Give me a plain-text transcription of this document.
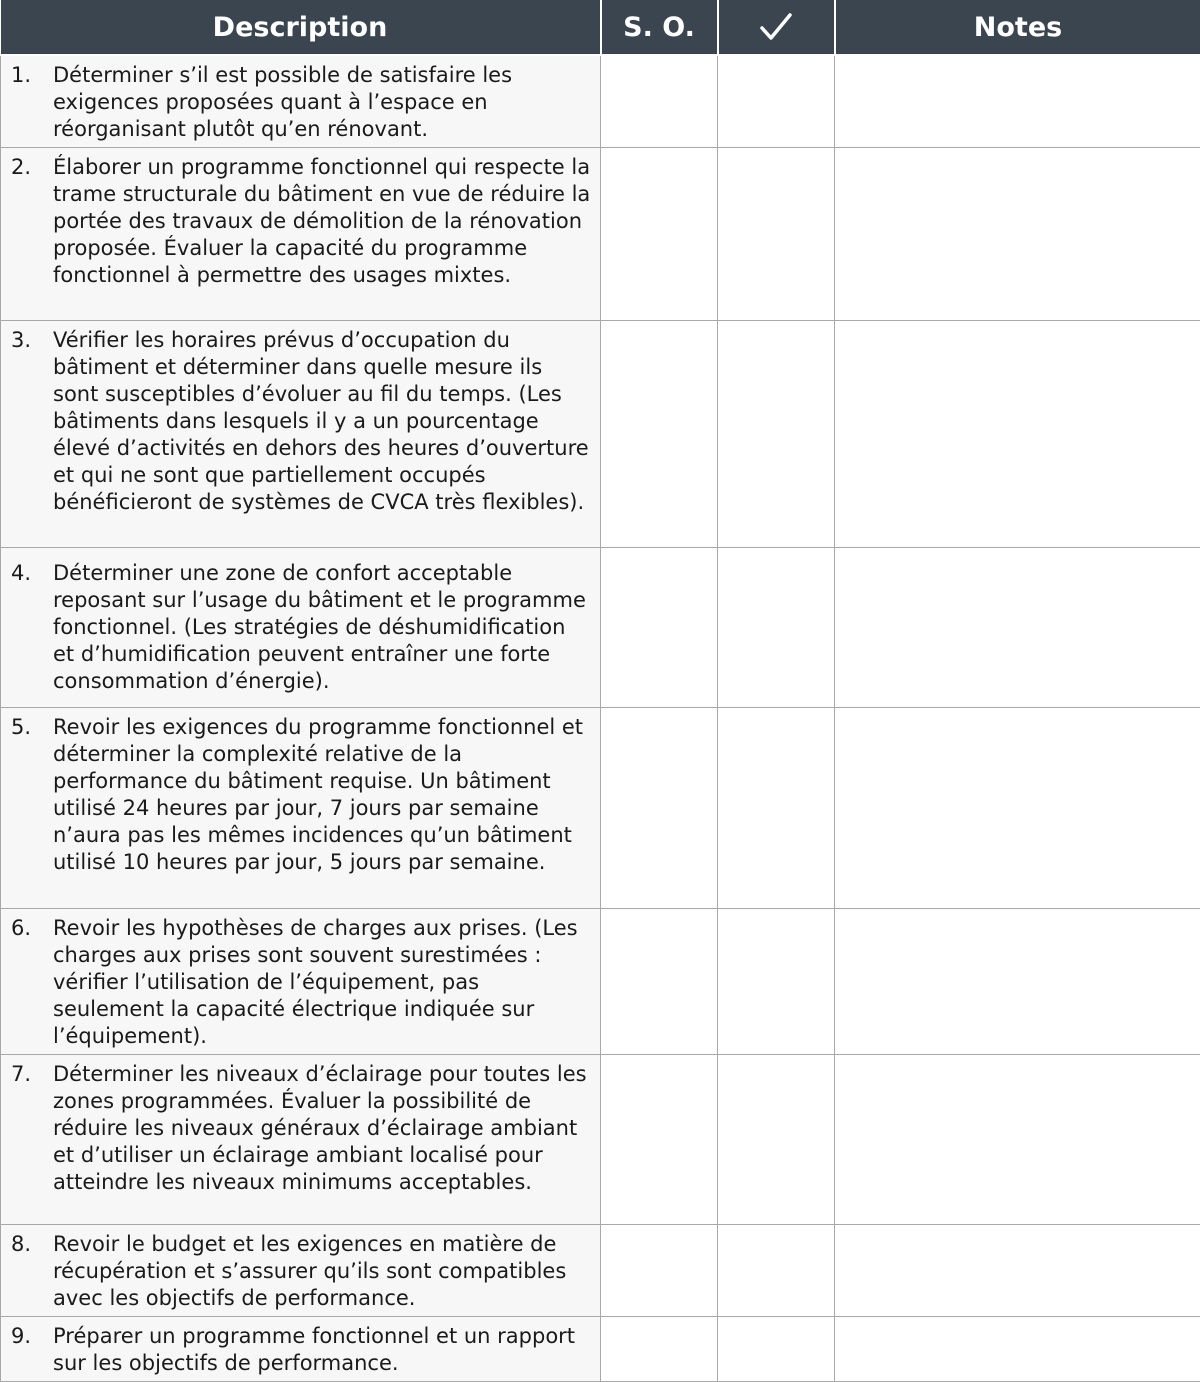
Description	S. O.		Notes

1. Déterminer s’il est possible de satisfaire les exigences proposées quant à l’espace en réorganisant plutôt qu’en rénovant.			

2. Élaborer un programme fonctionnel qui respecte la trame structurale du bâtiment en vue de réduire la portée des travaux de démolition de la rénovation proposée. Évaluer la capacité du programme fonctionnel à permettre des usages mixtes.			

3. Vérifier les horaires prévus d’occupation du bâtiment et déterminer dans quelle mesure ils sont susceptibles d’évoluer au fil du temps. (Les bâtiments dans lesquels il y a un pourcentage élevé d’activités en dehors des heures d’ouverture et qui ne sont que partiellement occupés bénéficieront de systèmes de CVCA très flexibles).			

4. Déterminer une zone de confort acceptable reposant sur l’usage du bâtiment et le programme fonctionnel. (Les stratégies de déshumidification et d’humidification peuvent entraîner une forte consommation d’énergie).			

5. Revoir les exigences du programme fonctionnel et déterminer la complexité relative de la performance du bâtiment requise. Un bâtiment utilisé 24 heures par jour, 7 jours par semaine n’aura pas les mêmes incidences qu’un bâtiment utilisé 10 heures par jour, 5 jours par semaine.			

6. Revoir les hypothèses de charges aux prises. (Les charges aux prises sont souvent surestimées : vérifier l’utilisation de l’équipement, pas seulement la capacité électrique indiquée sur l’équipement).			

7. Déterminer les niveaux d’éclairage pour toutes les zones programmées. Évaluer la possibilité de réduire les niveaux généraux d’éclairage ambiant et d’utiliser un éclairage ambiant localisé pour atteindre les niveaux minimums acceptables.			

8. Revoir le budget et les exigences en matière de récupération et s’assurer qu’ils sont compatibles avec les objectifs de performance.			

9. Préparer un programme fonctionnel et un rapport sur les objectifs de performance.			
